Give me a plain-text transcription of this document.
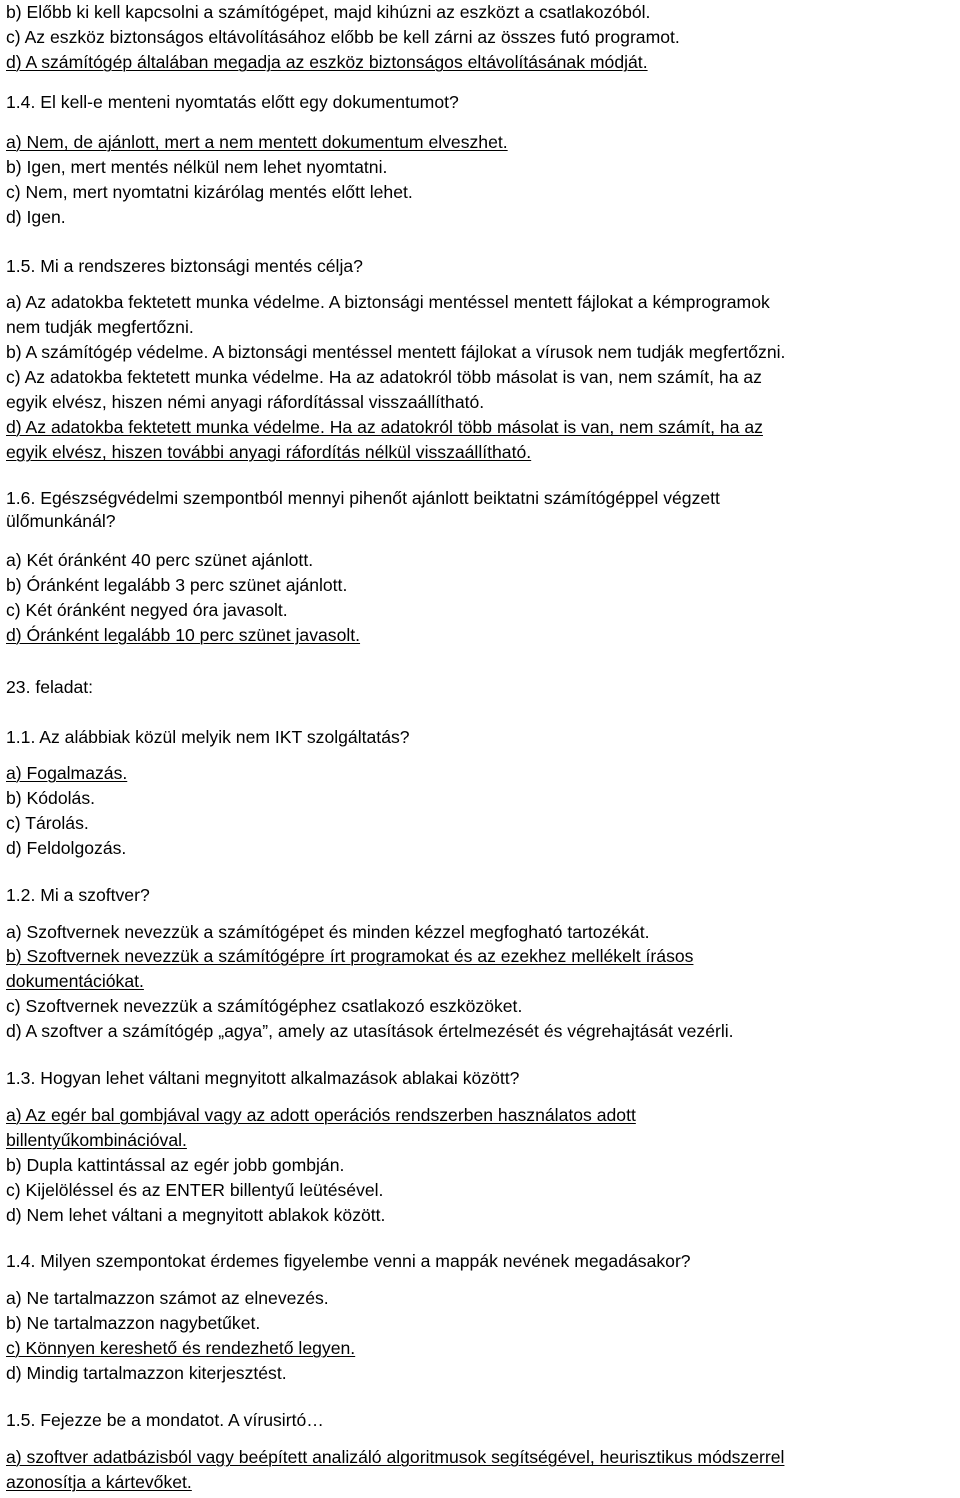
b) Előbb ki kell kapcsolni a számítógépet, majd kihúzni az eszközt a csatlakozóból.
c) Az eszköz biztonságos eltávolításához előbb be kell zárni az összes futó programot.
d) A számítógép általában megadja az eszköz biztonságos eltávolításának módját.
1.4. El kell-e menteni nyomtatás előtt egy dokumentumot?
a) Nem, de ajánlott, mert a nem mentett dokumentum elveszhet.
b) Igen, mert mentés nélkül nem lehet nyomtatni.
c) Nem, mert nyomtatni kizárólag mentés előtt lehet.
d) Igen.
1.5. Mi a rendszeres biztonsági mentés célja?
a) Az adatokba fektetett munka védelme. A biztonsági mentéssel mentett fájlokat a kémprogramok
nem tudják megfertőzni.
b) A számítógép védelme. A biztonsági mentéssel mentett fájlokat a vírusok nem tudják megfertőzni.
c) Az adatokba fektetett munka védelme. Ha az adatokról több másolat is van, nem számít, ha az
egyik elvész, hiszen némi anyagi ráfordítással visszaállítható.
d) Az adatokba fektetett munka védelme. Ha az adatokról több másolat is van, nem számít, ha az
egyik elvész, hiszen további anyagi ráfordítás nélkül visszaállítható.
1.6. Egészségvédelmi szempontból mennyi pihenőt ajánlott beiktatni számítógéppel végzett
ülőmunkánál?
a) Két óránként 40 perc szünet ajánlott.
b) Óránként legalább 3 perc szünet ajánlott.
c) Két óránként negyed óra javasolt.
d) Óránként legalább 10 perc szünet javasolt.
23. feladat:
1.1. Az alábbiak közül melyik nem IKT szolgáltatás?
a) Fogalmazás.
b) Kódolás.
c) Tárolás.
d) Feldolgozás.
1.2. Mi a szoftver?
a) Szoftvernek nevezzük a számítógépet és minden kézzel megfogható tartozékát.
b) Szoftvernek nevezzük a számítógépre írt programokat és az ezekhez mellékelt írásos
dokumentációkat.
c) Szoftvernek nevezzük a számítógéphez csatlakozó eszközöket.
d) A szoftver a számítógép „agya”, amely az utasítások értelmezését és végrehajtását vezérli.
1.3. Hogyan lehet váltani megnyitott alkalmazások ablakai között?
a) Az egér bal gombjával vagy az adott operációs rendszerben használatos adott
billentyűkombinációval.
b) Dupla kattintással az egér jobb gombján.
c) Kijelöléssel és az ENTER billentyű leütésével.
d) Nem lehet váltani a megnyitott ablakok között.
1.4. Milyen szempontokat érdemes figyelembe venni a mappák nevének megadásakor?
a) Ne tartalmazzon számot az elnevezés.
b) Ne tartalmazzon nagybetűket.
c) Könnyen kereshető és rendezhető legyen.
d) Mindig tartalmazzon kiterjesztést.
1.5. Fejezze be a mondatot. A vírusirtó…
a) szoftver adatbázisból vagy beépített analizáló algoritmusok segítségével, heurisztikus módszerrel
azonosítja a kártevőket.
